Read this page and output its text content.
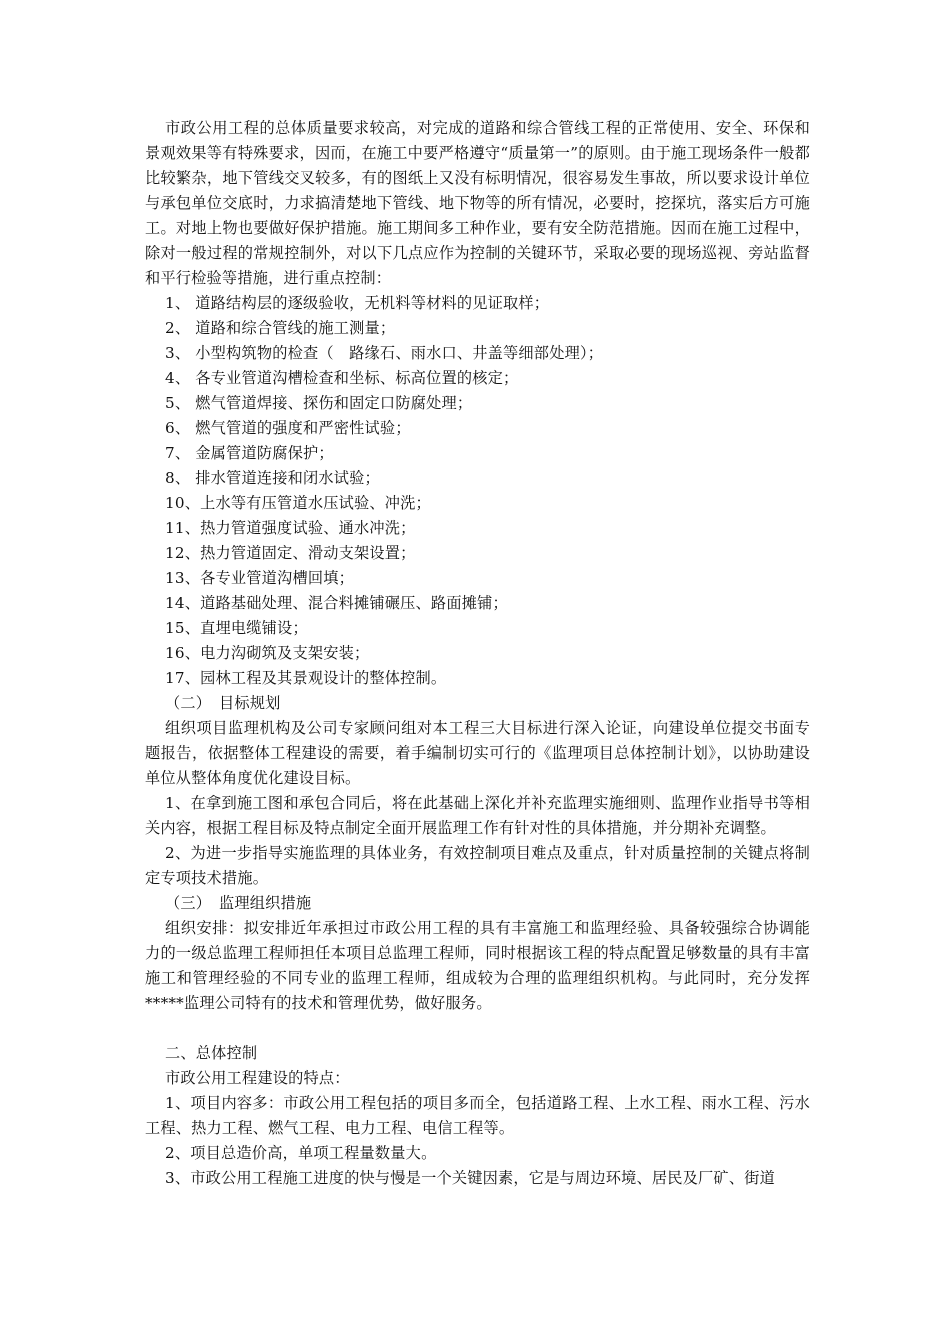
市政公用工程的总体质量要求较高，对完成的道路和综合管线工程的正常使用、安全、环保和景观效果等有特殊要求，因而，在施工中要严格遵守“质量第一”的原则。由于施工现场条件一般都比较繁杂，地下管线交叉较多，有的图纸上又没有标明情况，很容易发生事故，所以要求设计单位与承包单位交底时，力求搞清楚地下管线、地下物等的所有情况，必要时，挖探坑，落实后方可施工。对地上物也要做好保护措施。施工期间多工种作业，要有安全防范措施。因而在施工过程中，除对一般过程的常规控制外，对以下几点应作为控制的关键环节，采取必要的现场巡视、旁站监督和平行检验等措施，进行重点控制：

1、 道路结构层的逐级验收，无机料等材料的见证取样；

2、 道路和综合管线的施工测量；

3、 小型构筑物的检查（　路缘石、雨水口、井盖等细部处理）；

4、 各专业管道沟槽检查和坐标、标高位置的核定；

5、 燃气管道焊接、探伤和固定口防腐处理；

6、 燃气管道的强度和严密性试验；

7、 金属管道防腐保护；

8、 排水管道连接和闭水试验；

10、上水等有压管道水压试验、冲洗；

11、热力管道强度试验、通水冲洗；

12、热力管道固定、滑动支架设置；

13、各专业管道沟槽回填；

14、道路基础处理、混合料摊铺碾压、路面摊铺；

15、直埋电缆铺设；

16、电力沟砌筑及支架安装；

17、园林工程及其景观设计的整体控制。

（二）　目标规划

组织项目监理机构及公司专家顾问组对本工程三大目标进行深入论证，向建设单位提交书面专题报告，依据整体工程建设的需要，着手编制切实可行的《监理项目总体控制计划》，以协助建设单位从整体角度优化建设目标。

1、在拿到施工图和承包合同后，将在此基础上深化并补充监理实施细则、监理作业指导书等相关内容，根据工程目标及特点制定全面开展监理工作有针对性的具体措施，并分期补充调整。

2、为进一步指导实施监理的具体业务，有效控制项目难点及重点，针对质量控制的关键点将制定专项技术措施。

（三）　监理组织措施

组织安排：拟安排近年承担过市政公用工程的具有丰富施工和监理经验、具备较强综合协调能力的一级总监理工程师担任本项目总监理工程师，同时根据该工程的特点配置足够数量的具有丰富施工和管理经验的不同专业的监理工程师，组成较为合理的监理组织机构。与此同时，充分发挥*****监理公司特有的技术和管理优势，做好服务。

二、总体控制

市政公用工程建设的特点：

1、项目内容多：市政公用工程包括的项目多而全，包括道路工程、上水工程、雨水工程、污水工程、热力工程、燃气工程、电力工程、电信工程等。

2、项目总造价高，单项工程量数量大。

3、市政公用工程施工进度的快与慢是一个关键因素，它是与周边环境、居民及厂矿、街道
